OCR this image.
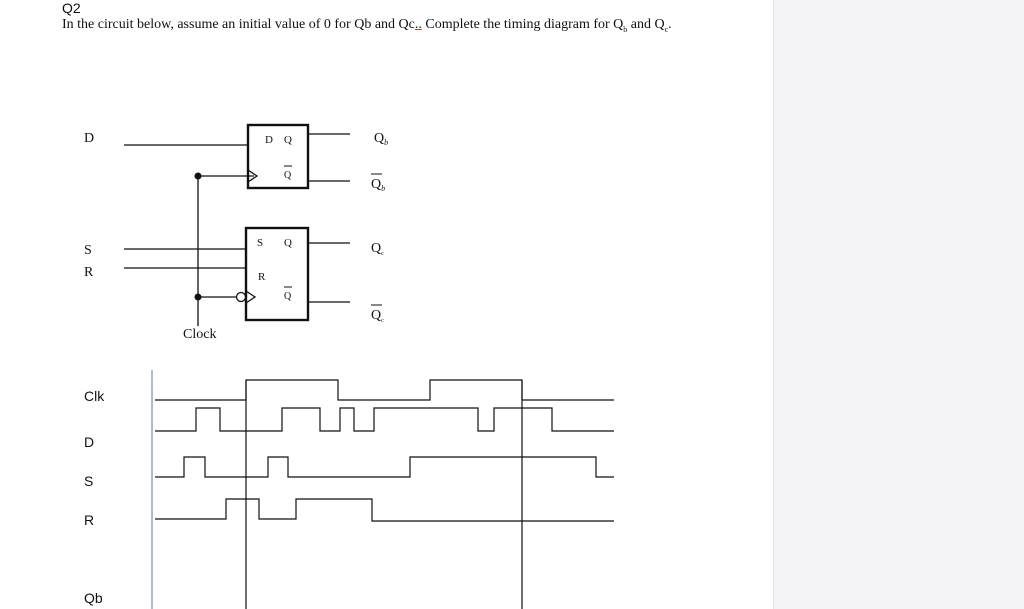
Q2
In the circuit below, assume an initial value of 0 for Qb and Qc.. Complete the timing diagram for $Q_b$ and $Q_c$.
D
S
R
Clock
D Q
Q
S Q
R
Q
$Q_b$
$Q_b$
$Q_c$
$Q_c$
Clk
D
S
R
Qb
